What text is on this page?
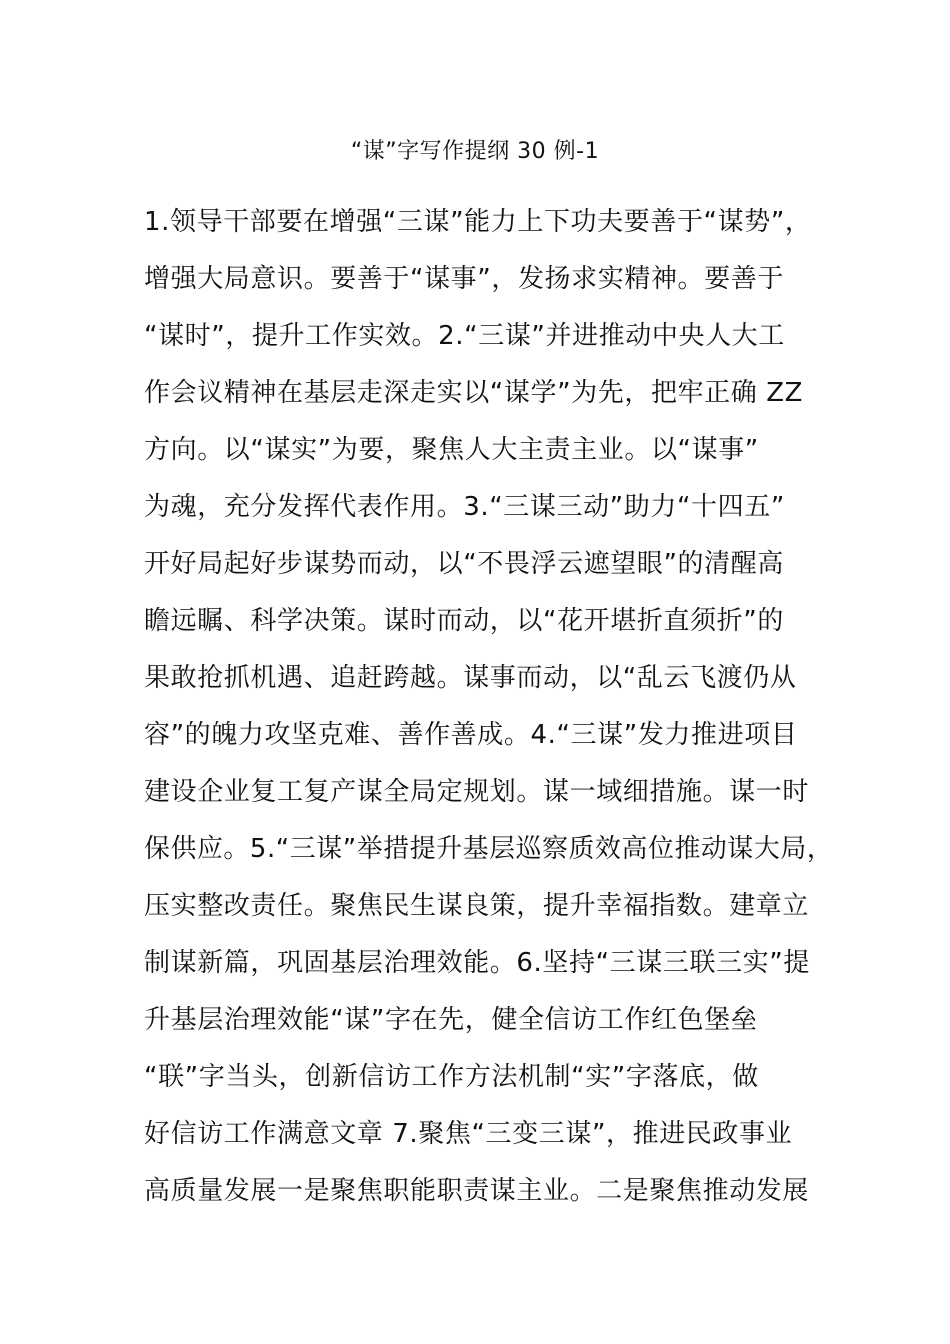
“谋”字写作提纲 30 例-1
1.领导干部要在增强“三谋”能力上下功夫要善于“谋势”，
增强大局意识。要善于“谋事”，发扬求实精神。要善于
“谋时”，提升工作实效。2.“三谋”并进推动中央人大工
作会议精神在基层走深走实以“谋学”为先，把牢正确 ZZ
方向。以“谋实”为要，聚焦人大主责主业。以“谋事”
为魂，充分发挥代表作用。3.“三谋三动”助力“十四五”
开好局起好步谋势而动，以“不畏浮云遮望眼”的清醒高
瞻远瞩、科学决策。谋时而动，以“花开堪折直须折”的
果敢抢抓机遇、追赶跨越。谋事而动，以“乱云飞渡仍从
容”的魄力攻坚克难、善作善成。4.“三谋”发力推进项目
建设企业复工复产谋全局定规划。谋一域细措施。谋一时
保供应。5.“三谋”举措提升基层巡察质效高位推动谋大局，
压实整改责任。聚焦民生谋良策，提升幸福指数。建章立
制谋新篇，巩固基层治理效能。6.坚持“三谋三联三实”提
升基层治理效能“谋”字在先，健全信访工作红色堡垒
“联”字当头，创新信访工作方法机制“实”字落底，做
好信访工作满意文章 7.聚焦“三变三谋”，推进民政事业
高质量发展一是聚焦职能职责谋主业。二是聚焦推动发展
